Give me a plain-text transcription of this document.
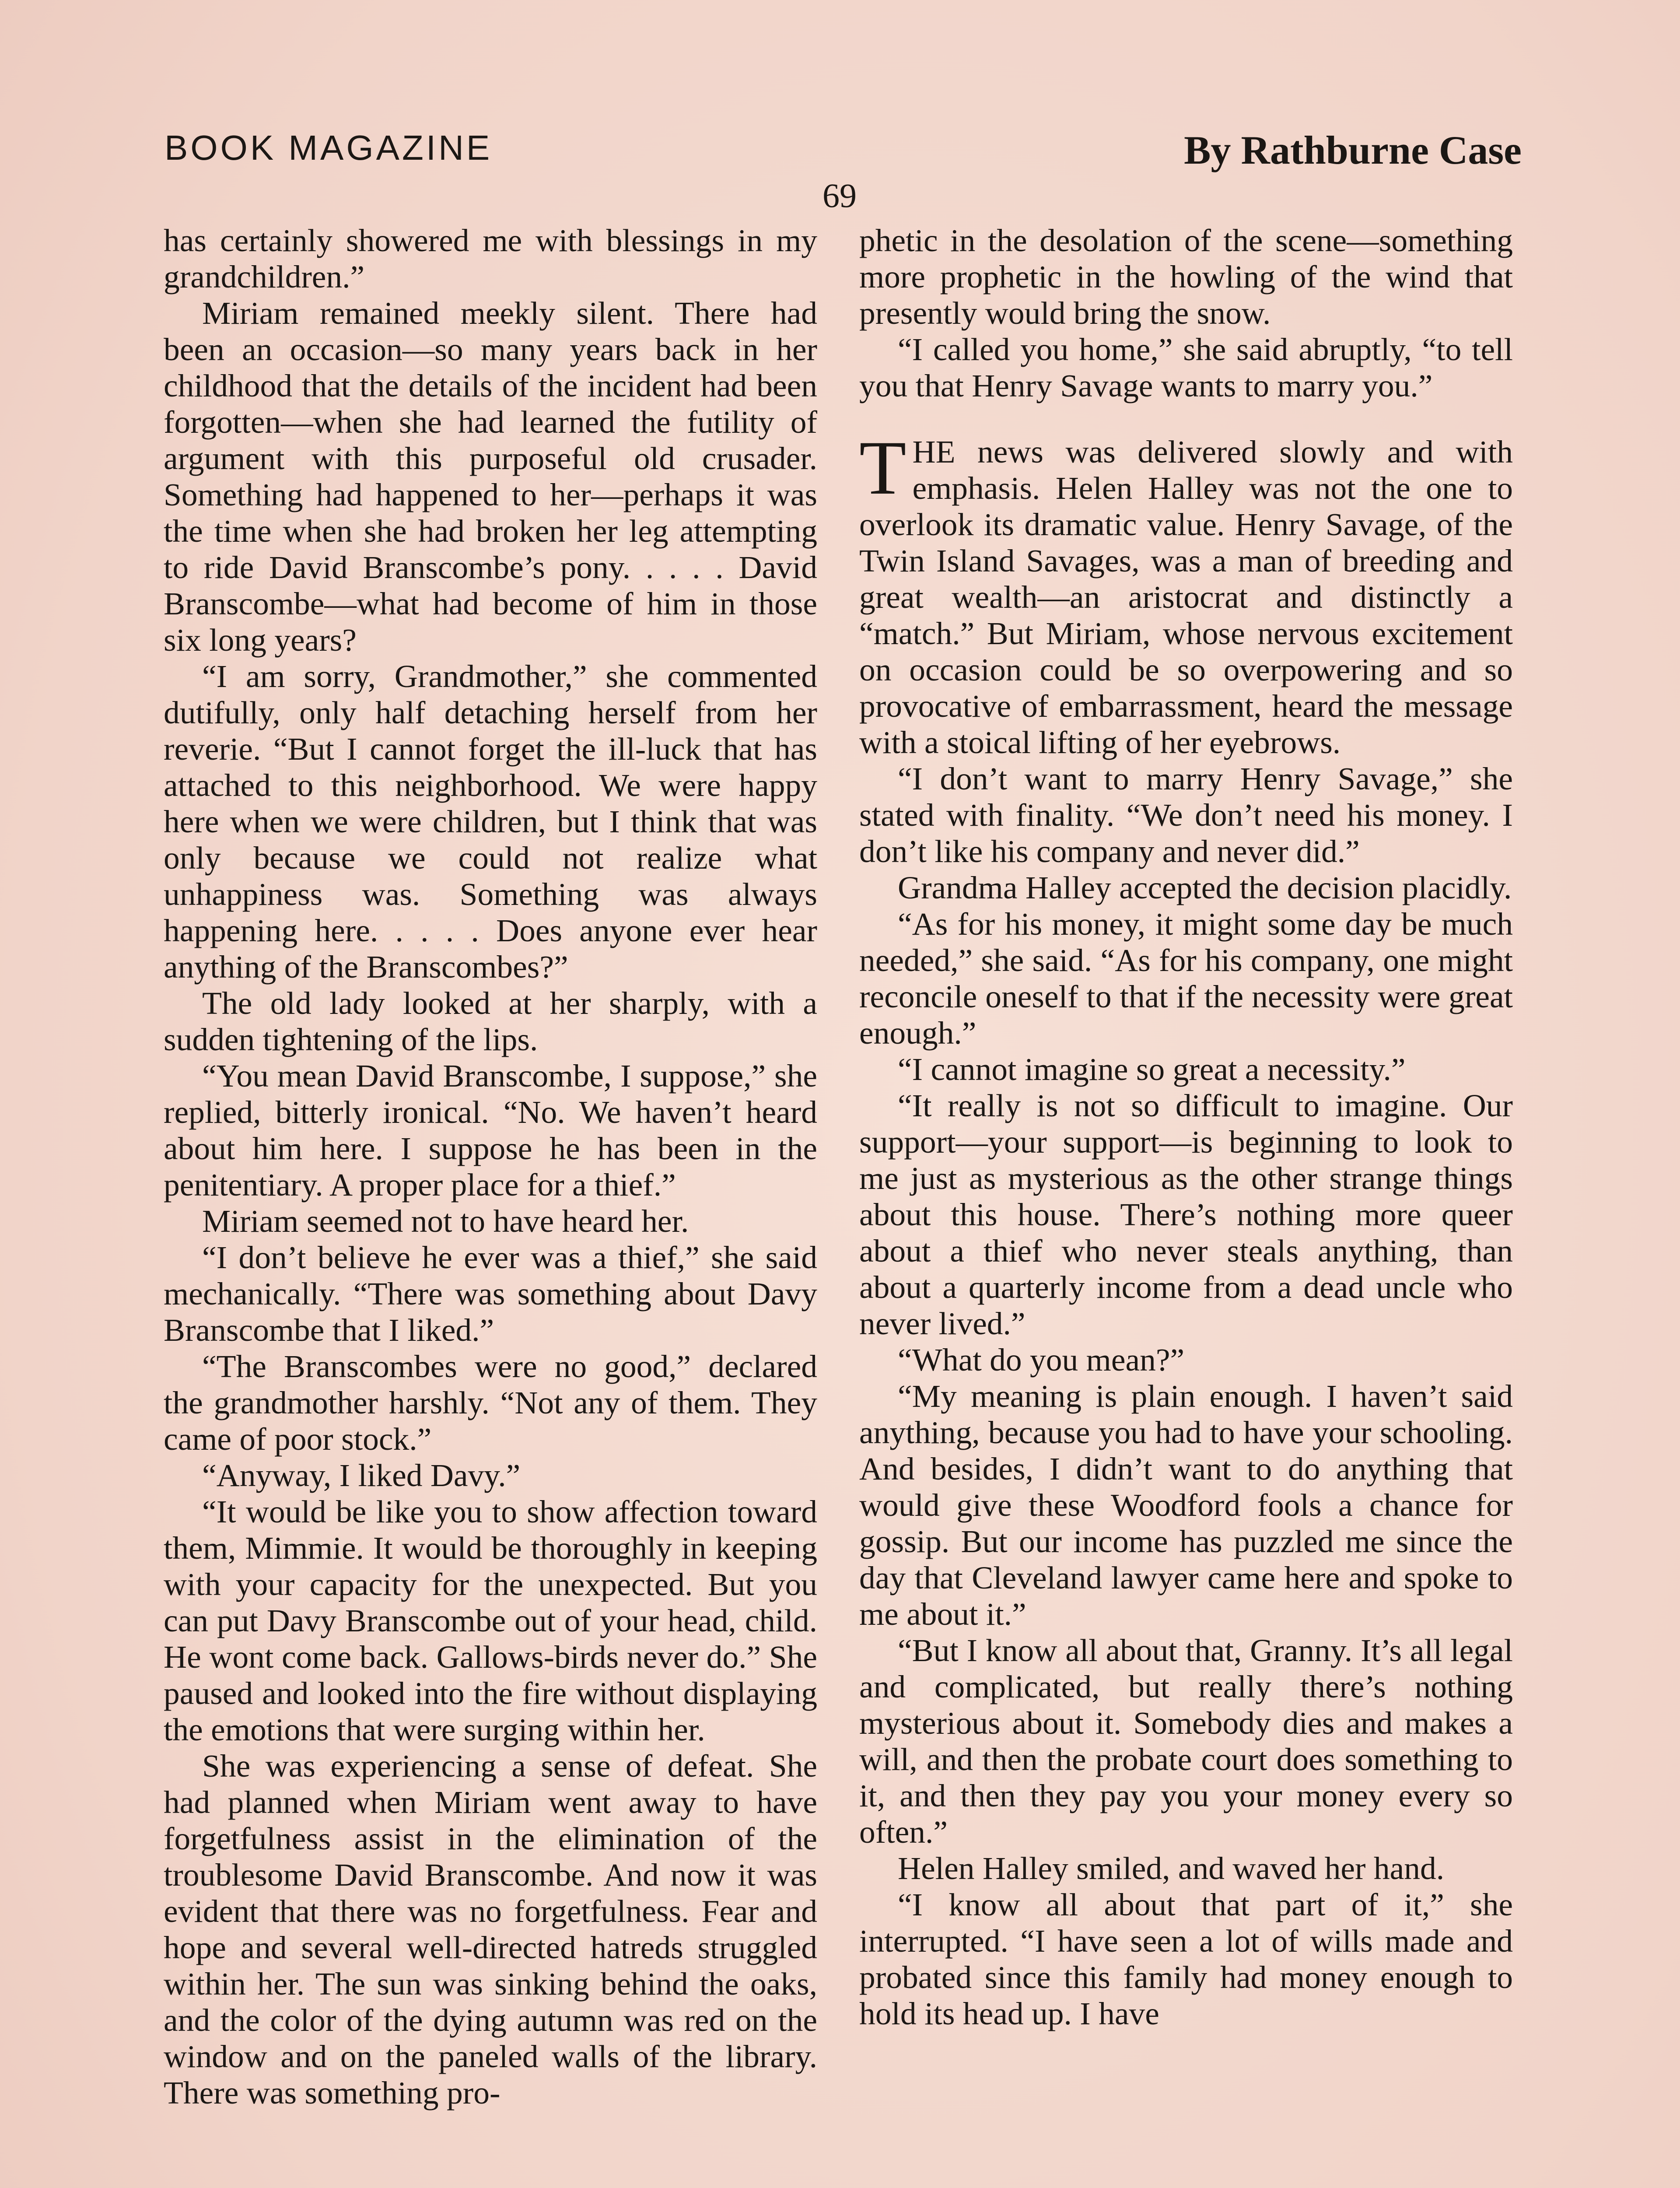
BOOK MAGAZINE	By Rathburne Case
69

has certainly showered me with blessings in my grandchildren.”

Miriam remained meekly silent. There had been an occasion—so many years back in her childhood that the details of the incident had been forgotten—when she had learned the futility of argument with this purposeful old crusader. Something had happened to her—perhaps it was the time when she had broken her leg attempting to ride David Branscombe’s pony. . . . . David Branscombe—what had become of him in those six long years?

“I am sorry, Grandmother,” she commented dutifully, only half detaching herself from her reverie. “But I cannot forget the ill-luck that has attached to this neighborhood. We were happy here when we were children, but I think that was only because we could not realize what unhappiness was. Something was always happening here. . . . . Does anyone ever hear anything of the Branscombes?”

The old lady looked at her sharply, with a sudden tightening of the lips.

“You mean David Branscombe, I suppose,” she replied, bitterly ironical. “No. We haven’t heard about him here. I suppose he has been in the penitentiary. A proper place for a thief.”

Miriam seemed not to have heard her.

“I don’t believe he ever was a thief,” she said mechanically. “There was something about Davy Branscombe that I liked.”

“The Branscombes were no good,” declared the grandmother harshly. “Not any of them. They came of poor stock.”

“Anyway, I liked Davy.”

“It would be like you to show affection toward them, Mimmie. It would be thoroughly in keeping with your capacity for the unexpected. But you can put Davy Branscombe out of your head, child. He wont come back. Gallows-birds never do.” She paused and looked into the fire without displaying the emotions that were surging within her.

She was experiencing a sense of defeat. She had planned when Miriam went away to have forgetfulness assist in the elimination of the troublesome David Branscombe. And now it was evident that there was no forgetfulness. Fear and hope and several well-directed hatreds struggled within her. The sun was sinking behind the oaks, and the color of the dying autumn was red on the window and on the paneled walls of the library. There was something pro-

phetic in the desolation of the scene—something more prophetic in the howling of the wind that presently would bring the snow.

“I called you home,” she said abruptly, “to tell you that Henry Savage wants to marry you.”

THE news was delivered slowly and with emphasis. Helen Halley was not the one to overlook its dramatic value. Henry Savage, of the Twin Island Savages, was a man of breeding and great wealth—an aristocrat and distinctly a “match.” But Miriam, whose nervous excitement on occasion could be so overpowering and so provocative of embarrassment, heard the message with a stoical lifting of her eyebrows.

“I don’t want to marry Henry Savage,” she stated with finality. “We don’t need his money. I don’t like his company and never did.”

Grandma Halley accepted the decision placidly.

“As for his money, it might some day be much needed,” she said. “As for his company, one might reconcile oneself to that if the necessity were great enough.”

“I cannot imagine so great a necessity.”

“It really is not so difficult to imagine. Our support—your support—is beginning to look to me just as mysterious as the other strange things about this house. There’s nothing more queer about a thief who never steals anything, than about a quarterly income from a dead uncle who never lived.”

“What do you mean?”

“My meaning is plain enough. I haven’t said anything, because you had to have your schooling. And besides, I didn’t want to do anything that would give these Woodford fools a chance for gossip. But our income has puzzled me since the day that Cleveland lawyer came here and spoke to me about it.”

“But I know all about that, Granny. It’s all legal and complicated, but really there’s nothing mysterious about it. Somebody dies and makes a will, and then the probate court does something to it, and then they pay you your money every so often.”

Helen Halley smiled, and waved her hand.

“I know all about that part of it,” she interrupted. “I have seen a lot of wills made and probated since this family had money enough to hold its head up. I have
